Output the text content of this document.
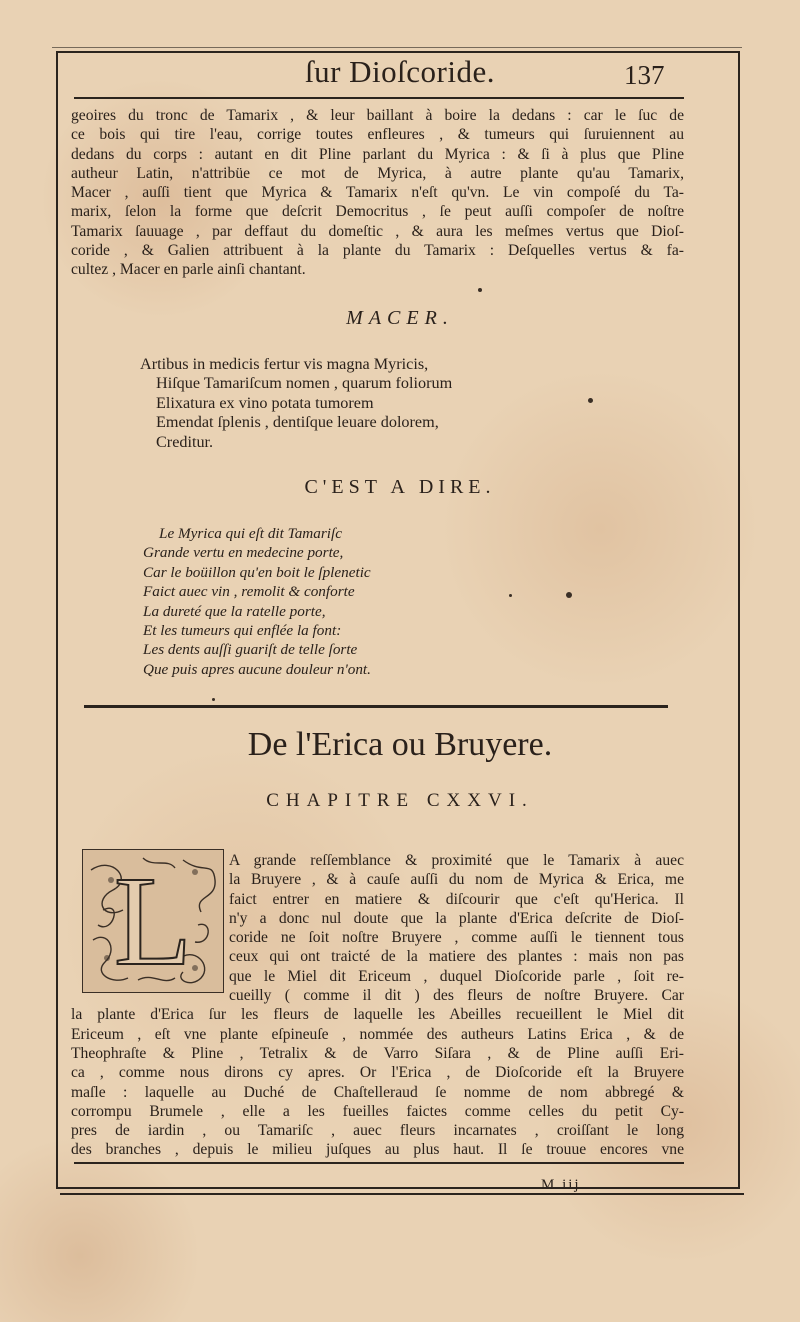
ſur Dioſcoride.	137
geoires du tronc de Tamarix , & leur baillant à boire la dedans : car le ſuc de
ce bois qui tire l'eau, corrige toutes enfleures , & tumeurs qui ſuruiennent au
dedans du corps : autant en dit Pline parlant du Myrica : & ſi à plus que Pline
autheur Latin, n'attribüe ce mot de Myrica, à autre plante qu'au Tamarix,
Macer , auſſi tient que Myrica & Tamarix n'eſt qu'vn. Le vin compoſé du Ta-
marix, ſelon la forme que deſcrit Democritus , ſe peut auſſi compoſer de noſtre
Tamarix ſauuage , par deffaut du domeſtic , & aura les meſmes vertus que Dioſ-
coride , & Galien attribuent à la plante du Tamarix : Deſquelles vertus & fa-
cultez , Macer en parle ainſi chantant.
MACER.
Artibus in medicis fertur vis magna Myricis,
Hiſque Tamariſcum nomen , quarum foliorum
Elixatura ex vino potata tumorem
Emendat ſplenis , dentiſque leuare dolorem,
Creditur.
C'EST A DIRE.
Le Myrica qui eſt dit Tamariſc
Grande vertu en medecine porte,
Car le boüillon qu'en boit le ſplenetic
Faict auec vin , remolit & conforte
La dureté que la ratelle porte,
Et les tumeurs qui enflée la font:
Les dents auſſi guariſt de telle ſorte
Que puis apres aucune douleur n'ont.
De l'Erica ou Bruyere.
CHAPITRE CXXVI.
L	A grande reſſemblance & proximité que le Tamarix à auec
la Bruyere , & à cauſe auſſi du nom de Myrica & Erica, me
faict entrer en matiere & diſcourir que c'eſt qu'Herica. Il
n'y a donc nul doute que la plante d'Erica deſcrite de Dioſ-
coride ne ſoit noſtre Bruyere , comme auſſi le tiennent tous
ceux qui ont traicté de la matiere des plantes : mais non pas
que le Miel dit Ericeum , duquel Dioſcoride parle , ſoit re-
cueilly ( comme il dit ) des fleurs de noſtre Bruyere. Car
la plante d'Erica ſur les fleurs de laquelle les Abeilles recueillent le Miel dit
Ericeum , eſt vne plante eſpineuſe , nommée des autheurs Latins Erica , & de
Theophraſte & Pline , Tetralix & de Varro Siſara , & de Pline auſſi Eri-
ca , comme nous dirons cy apres. Or l'Erica , de Dioſcoride eſt la Bruyere
maſle : laquelle au Duché de Chaſtelleraud ſe nomme de nom abbregé &
corrompu Brumele , elle a les fueilles faictes comme celles du petit Cy-
pres de iardin , ou Tamariſc , auec fleurs incarnates , croiſſant le long
des branches , depuis le milieu juſques au plus haut. Il ſe trouue encores vne
M iij
